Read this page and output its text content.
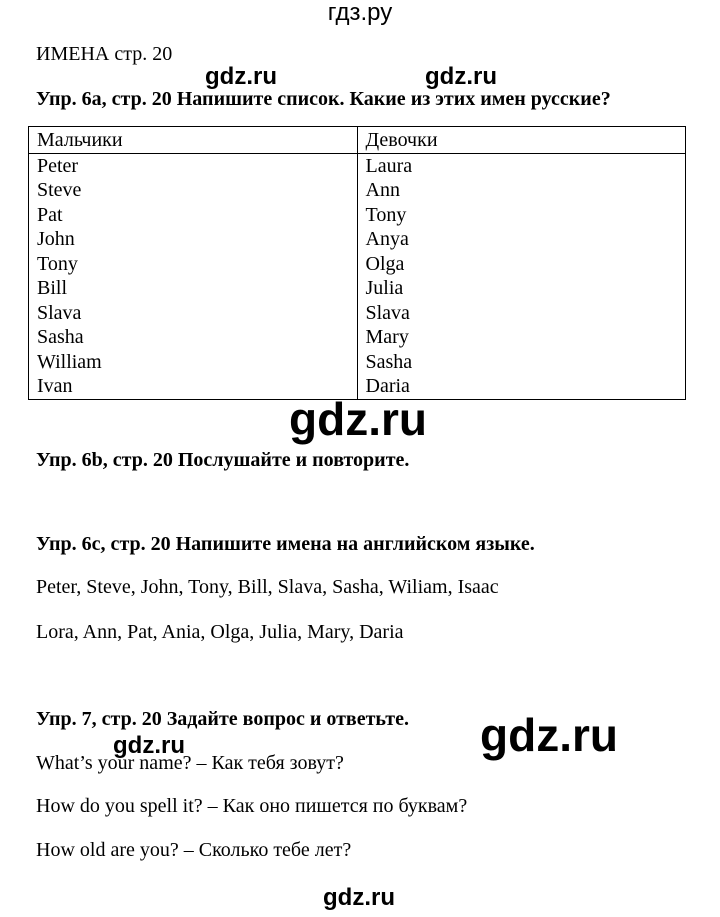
гдз.ру
ИМЕНА стр. 20
gdz.ru	gdz.ru
Упр. 6а, стр. 20 Напишите список. Какие из этих имен русские?
Мальчики	Девочки
Peter	Laura
Steve	Ann
Pat	Tony
John	Anya
Tony	Olga
Bill	Julia
Slava	Slava
Sasha	Mary
William	Sasha
Ivan	Daria
gdz.ru
Упр. 6b, стр. 20 Послушайте и повторите.
Упр. 6c, стр. 20 Напишите имена на английском языке.
Peter, Steve, John, Tony, Bill, Slava, Sasha, Wiliam, Isaac
Lora, Ann, Pat, Ania, Olga, Julia, Mary, Daria
Упр. 7, стр. 20 Задайте вопрос и ответьте. gdz.ru
gdz.ru
What’s your name? – Как тебя зовут?
How do you spell it? – Как оно пишется по буквам?
How old are you? – Сколько тебе лет?
gdz.ru
